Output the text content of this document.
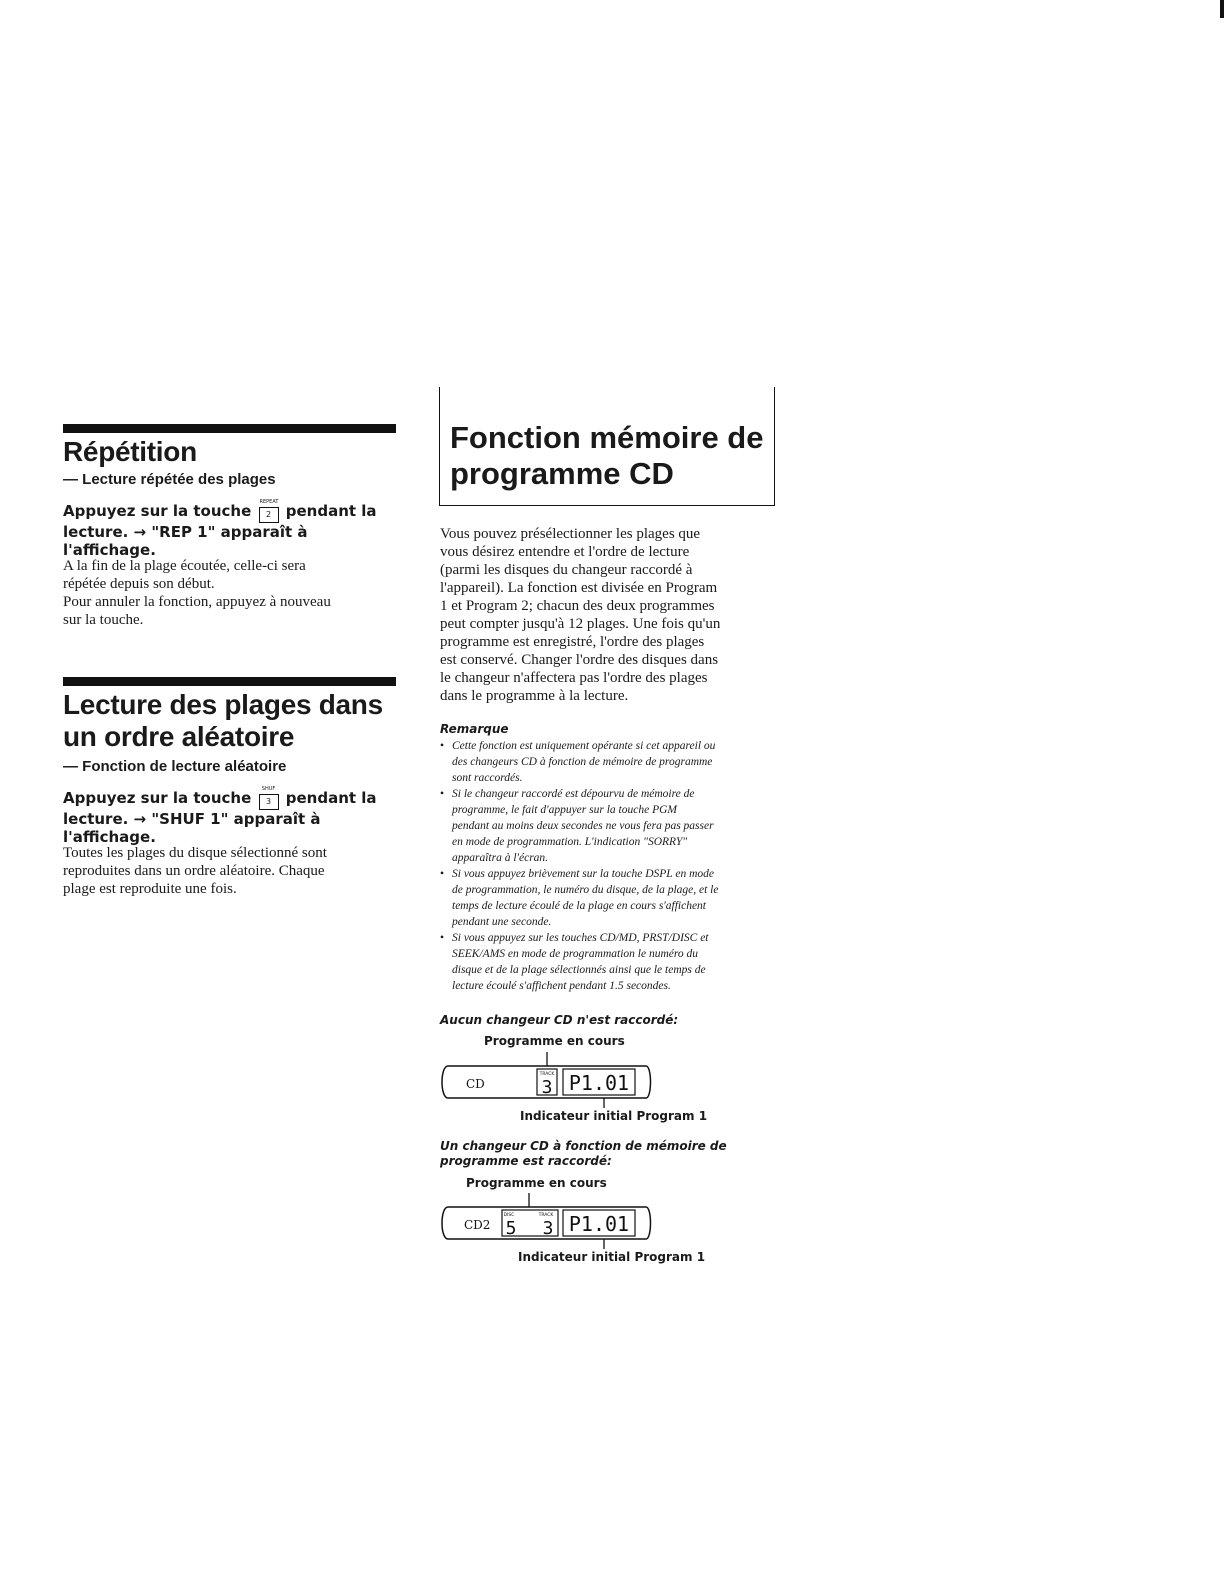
Répétition

— Lecture répétée des plages

Appuyez sur la touche REPEAT
2 pendant la

lecture. → "REP 1" apparaît à

l'affichage.

A la fin de la plage écoutée, celle-ci sera

répétée depuis son début.

Pour annuler la fonction, appuyez à nouveau

sur la touche.

Lecture des plages dans
un ordre aléatoire

— Fonction de lecture aléatoire

Appuyez sur la touche	SHUF
3 pendant la

lecture. → "SHUF 1" apparaît à

l'affichage.

Toutes les plages du disque sélectionné sont

reproduites dans un ordre aléatoire. Chaque

plage est reproduite une fois.

Fonction mémoire de
programme CD

Vous pouvez présélectionner les plages que

vous désirez entendre et l'ordre de lecture

(parmi les disques du changeur raccordé à

l'appareil). La fonction est divisée en Program

1 et Program 2; chacun des deux programmes

peut compter jusqu'à 12 plages. Une fois qu'un

programme est enregistré, l'ordre des plages

est conservé. Changer l'ordre des disques dans

le changeur n'affectera pas l'ordre des plages

dans le programme à la lecture.

Remarque

• Cette fonction est uniquement opérante si cet appareil ou
des changeurs CD à fonction de mémoire de programme
sont raccordés.
• Si le changeur raccordé est dépourvu de mémoire de
programme, le fait d'appuyer sur la touche PGM
pendant au moins deux secondes ne vous fera pas passer
en mode de programmation. L'indication "SORRY"
apparaîtra à l'écran.
• Si vous appuyez brièvement sur la touche DSPL en mode
de programmation, le numéro du disque, de la plage, et le
temps de lecture écoulé de la plage en cours s'affichent
pendant une seconde.
• Si vous appuyez sur les touches CD/MD, PRST/DISC et
SEEK/AMS en mode de programmation le numéro du
disque et de la plage sélectionnés ainsi que le temps de
lecture écoulé s'affichent pendant 1.5 secondes.

Aucun changeur CD n'est raccordé:

Programme en cours

CD
TRACK
3 P1.01

Indicateur initial Program 1

Un changeur CD à fonction de mémoire de
programme est raccordé:

Programme en cours

CD2
DISC
5
TRACK
3 P1.01

Indicateur initial Program 1
